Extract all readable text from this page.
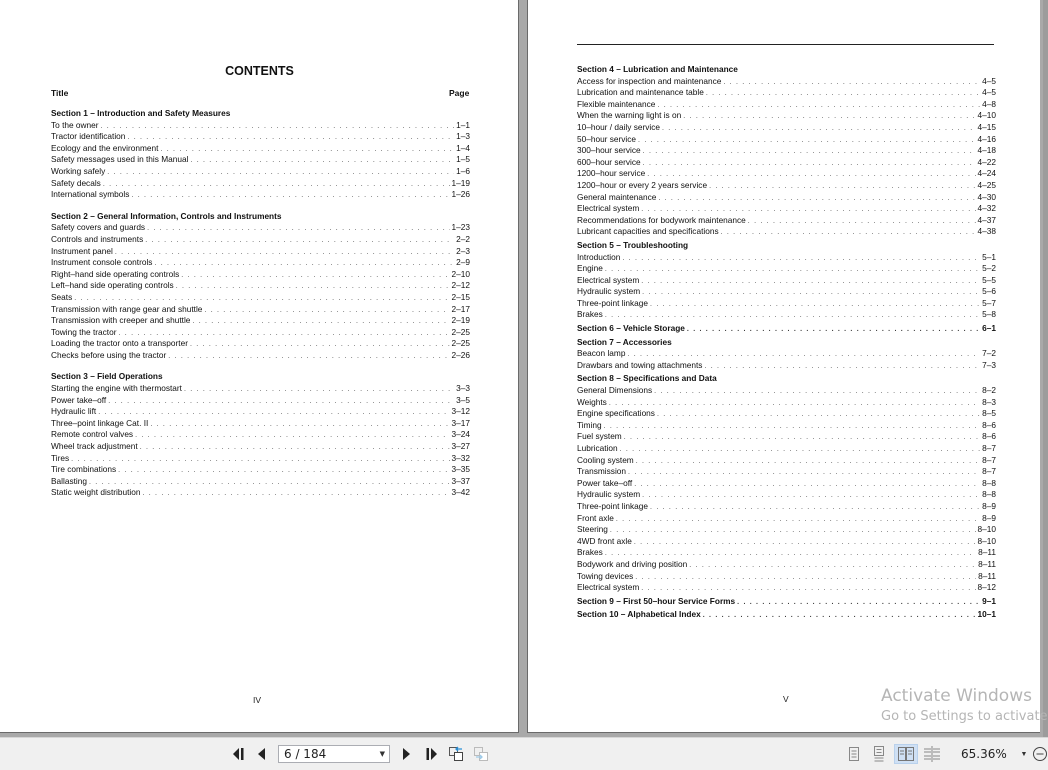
CONTENTS
Title	Page
Section 1 – Introduction and Safety Measures
To the owner . . .	1–1
Tractor identification . . .	1–3
Ecology and the environment . . .	1–4
Safety messages used in this Manual . . .	1–5
Working safely . . .	1–6
Safety decals . . .	1–19
International symbols . . .	1–26
Section 2 – General Information, Controls and Instruments
Safety covers and guards . . .	1–23
Controls and instruments . . .	2–2
Instrument panel . . .	2–3
Instrument console controls . . .	2–9
Right–hand side operating controls . . .	2–10
Left–hand side operating controls . . .	2–12
Seats . . .	2–15
Transmission with range gear and shuttle . . .	2–17
Transmission with creeper and shuttle . . .	2–19
Towing the tractor . . .	2–25
Loading the tractor onto a transporter . . .	2–25
Checks before using the tractor . . .	2–26
Section 3 – Field Operations
Starting the engine with thermostart . . .	3–3
Power take–off . . .	3–5
Hydraulic lift . . .	3–12
Three–point linkage Cat. II . . .	3–17
Remote control valves . . .	3–24
Wheel track adjustment . . .	3–27
Tires . . .	3–32
Tire combinations . . .	3–35
Ballasting . . .	3–37
Static weight distribution . . .	3–42
IV
Section 4 – Lubrication and Maintenance
Access for inspection and maintenance . . .	4–5
Lubrication and maintenance table . . .	4–5
Flexible maintenance . . .	4–8
When the warning light is on . . .	4–10
10–hour / daily service . . .	4–15
50–hour service . . .	4–16
300–hour service . . .	4–18
600–hour service . . .	4–22
1200–hour service . . .	4–24
1200–hour or every 2 years service . . .	4–25
General maintenance . . .	4–30
Electrical system . . .	4–32
Recommendations for bodywork maintenance . . .	4–37
Lubricant capacities and specifications . . .	4–38
Section 5 – Troubleshooting
Introduction . . .	5–1
Engine . . .	5–2
Electrical system . . .	5–5
Hydraulic system . . .	5–6
Three-point linkage . . .	5–7
Brakes . . .	5–8
Section 6 – Vehicle Storage . . .	6–1
Section 7 – Accessories
Beacon lamp . . .	7–2
Drawbars and towing attachments . . .	7–3
Section 8 – Specifications and Data
General Dimensions . . .	8–2
Weights . . .	8–3
Engine specifications . . .	8–5
Timing . . .	8–6
Fuel system . . .	8–6
Lubrication . . .	8–7
Cooling system . . .	8–7
Transmission . . .	8–7
Power take–off . . .	8–8
Hydraulic system . . .	8–8
Three-point linkage . . .	8–9
Front axle . . .	8–9
Steering . . .	8–10
4WD front axle . . .	8–10
Brakes . . .	8–11
Bodywork and driving position . . .	8–11
Towing devices . . .	8–11
Electrical system . . .	8–12
Section 9 – First 50–hour Service Forms . . .	9–1
Section 10 – Alphabetical Index . . .	10–1
V	Activate Windows
Go to Settings to activate
6 / 184	▼	65.36% ▼
